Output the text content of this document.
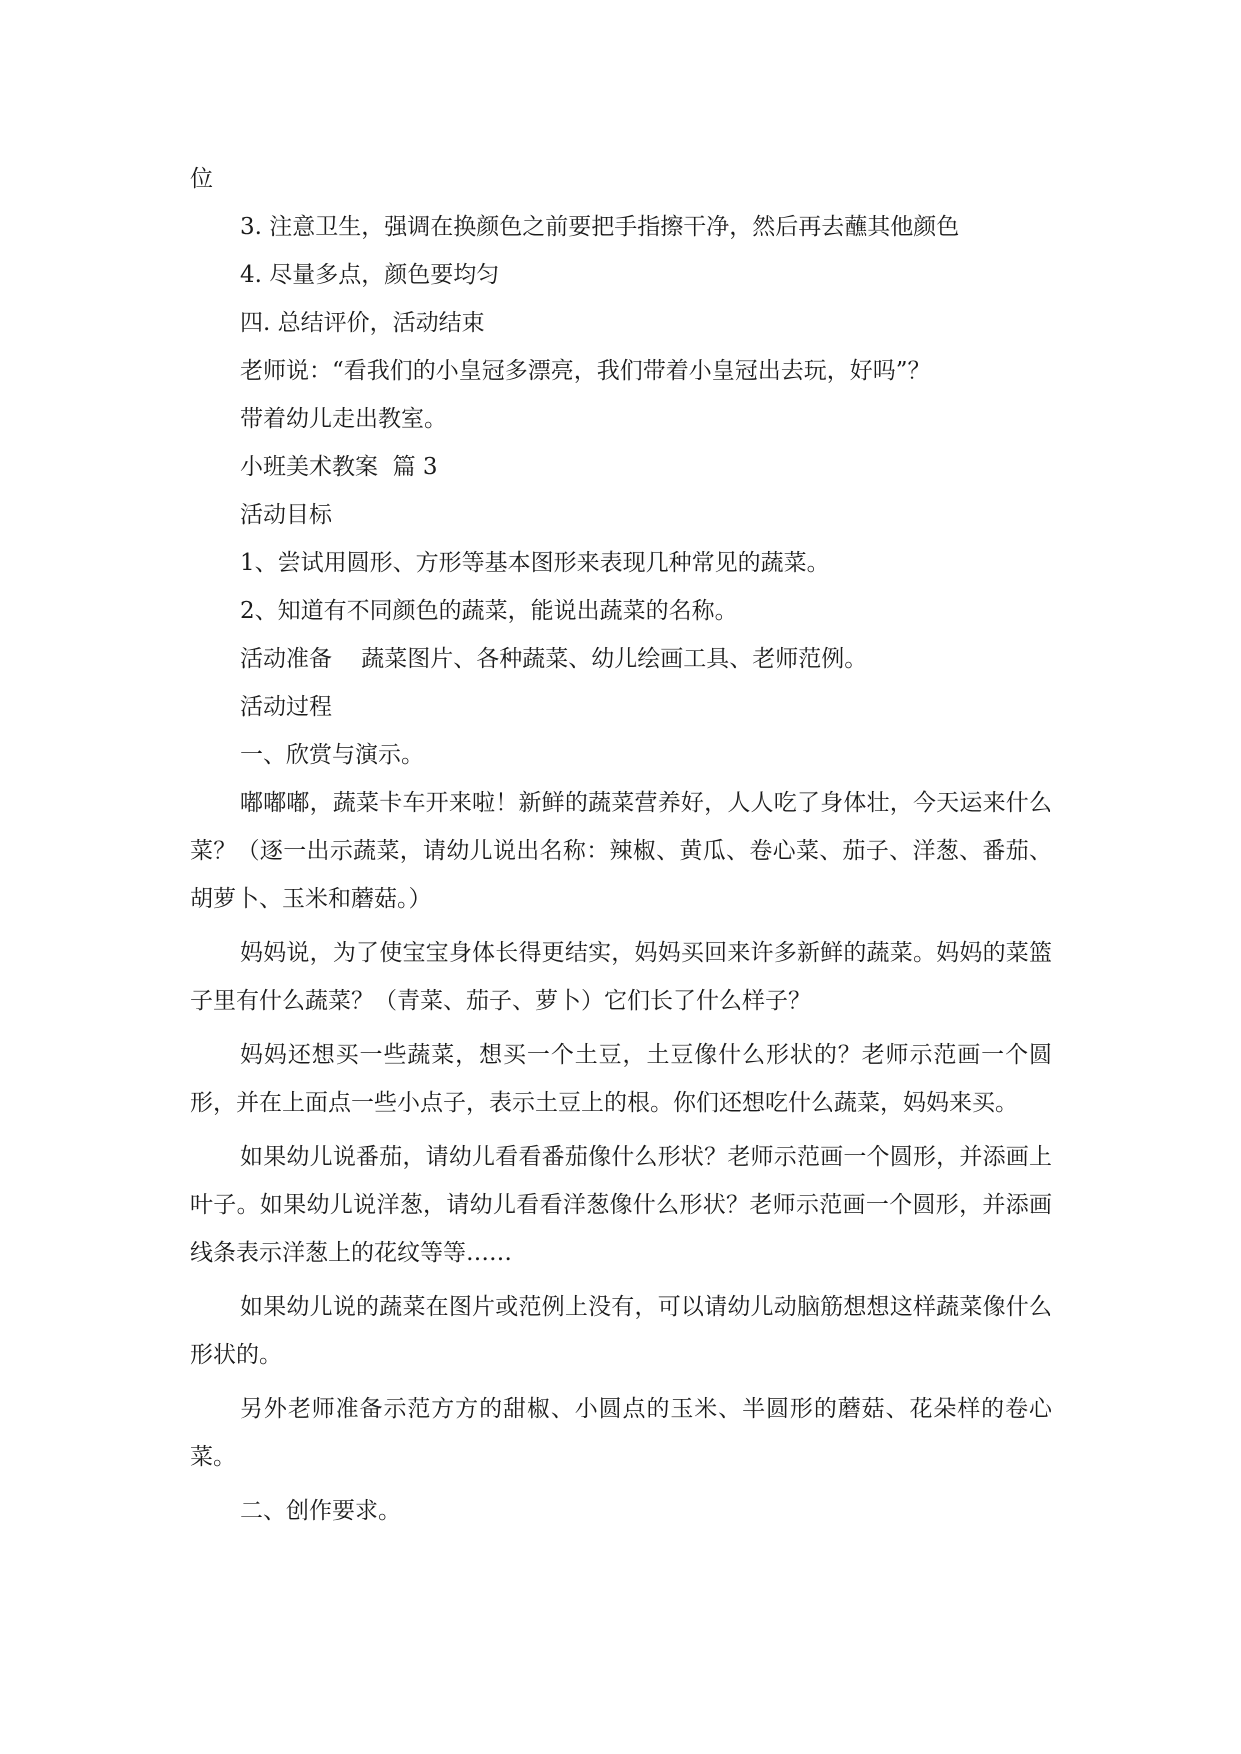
位

3. 注意卫生，强调在换颜色之前要把手指擦干净，然后再去蘸其他颜色

4. 尽量多点，颜色要均匀

四. 总结评价，活动结束

老师说：“看我们的小皇冠多漂亮，我们带着小皇冠出去玩，好吗”？

带着幼儿走出教室。

小班美术教案  篇 3

活动目标

1、尝试用圆形、方形等基本图形来表现几种常见的蔬菜。

2、知道有不同颜色的蔬菜，能说出蔬菜的名称。

活动准备    蔬菜图片、各种蔬菜、幼儿绘画工具、老师范例。

活动过程

一、欣赏与演示。

嘟嘟嘟，蔬菜卡车开来啦！新鲜的蔬菜营养好，人人吃了身体壮，今天运来什么菜？（逐一出示蔬菜，请幼儿说出名称：辣椒、黄瓜、卷心菜、茄子、洋葱、番茄、胡萝卜、玉米和蘑菇。）

妈妈说，为了使宝宝身体长得更结实，妈妈买回来许多新鲜的蔬菜。妈妈的菜篮子里有什么蔬菜？（青菜、茄子、萝卜）它们长了什么样子？

妈妈还想买一些蔬菜，想买一个土豆，土豆像什么形状的？老师示范画一个圆形，并在上面点一些小点子，表示土豆上的根。你们还想吃什么蔬菜，妈妈来买。

如果幼儿说番茄，请幼儿看看番茄像什么形状？老师示范画一个圆形，并添画上叶子。如果幼儿说洋葱，请幼儿看看洋葱像什么形状？老师示范画一个圆形，并添画线条表示洋葱上的花纹等等……

如果幼儿说的蔬菜在图片或范例上没有，可以请幼儿动脑筋想想这样蔬菜像什么形状的。

另外老师准备示范方方的甜椒、小圆点的玉米、半圆形的蘑菇、花朵样的卷心菜。

二、创作要求。
